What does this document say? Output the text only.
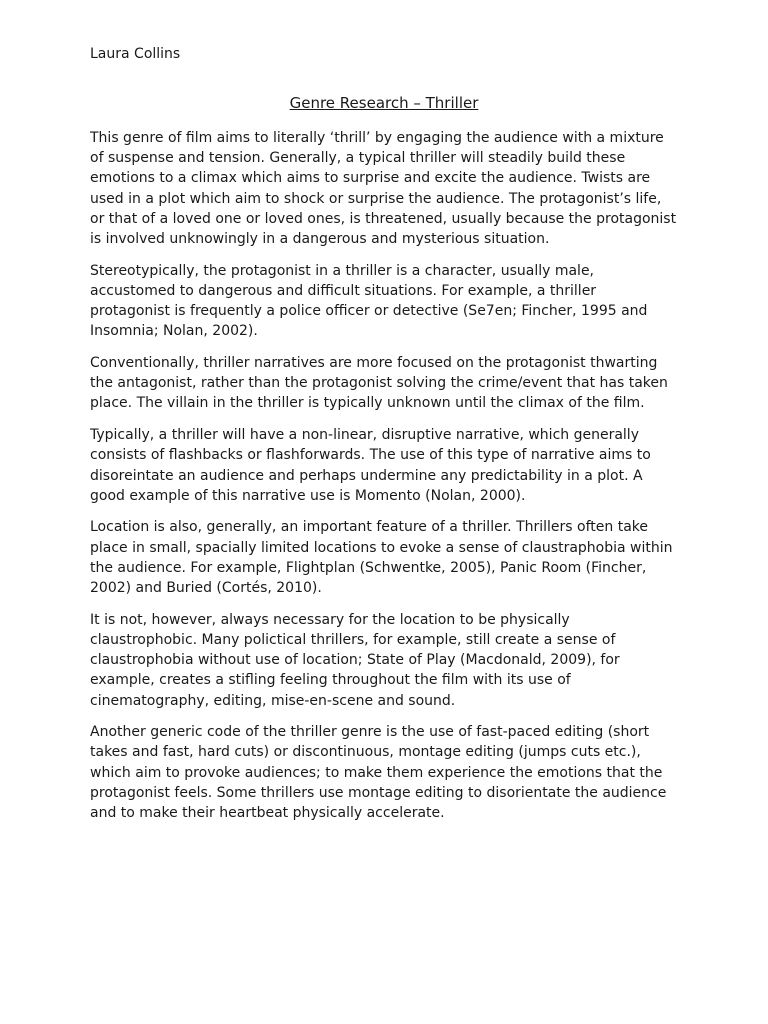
Laura Collins

Genre Research – Thriller

This genre of film aims to literally ‘thrill’ by engaging the audience with a mixture of suspense and tension. Generally, a typical thriller will steadily build these emotions to a climax which aims to surprise and excite the audience. Twists are used in a plot which aim to shock or surprise the audience. The protagonist’s life, or that of a loved one or loved ones, is threatened, usually because the protagonist is involved unknowingly in a dangerous and mysterious situation.

Stereotypically, the protagonist in a thriller is a character, usually male, accustomed to dangerous and difficult situations. For example, a thriller protagonist is frequently a police officer or detective (Se7en; Fincher, 1995 and Insomnia; Nolan, 2002).

Conventionally, thriller narratives are more focused on the protagonist thwarting the antagonist, rather than the protagonist solving the crime/event that has taken place. The villain in the thriller is typically unknown until the climax of the film.

Typically, a thriller will have a non-linear, disruptive narrative, which generally consists of flashbacks or flashforwards. The use of this type of narrative aims to disoreintate an audience and perhaps undermine any predictability in a plot. A good example of this narrative use is Momento (Nolan, 2000).

Location is also, generally, an important feature of a thriller. Thrillers often take place in small, spacially limited locations to evoke a sense of claustraphobia within the audience. For example, Flightplan (Schwentke, 2005), Panic Room (Fincher, 2002) and Buried (Cortés, 2010).

It is not, however, always necessary for the location to be physically claustrophobic. Many polictical thrillers, for example, still create a sense of claustrophobia without use of location; State of Play (Macdonald, 2009), for example, creates a stifling feeling throughout the film with its use of cinematography, editing, mise-en-scene and sound.

Another generic code of the thriller genre is the use of fast-paced editing (short takes and fast, hard cuts) or discontinuous, montage editing (jumps cuts etc.), which aim to provoke audiences; to make them experience the emotions that the protagonist feels. Some thrillers use montage editing to disorientate the audience and to make their heartbeat physically accelerate.
